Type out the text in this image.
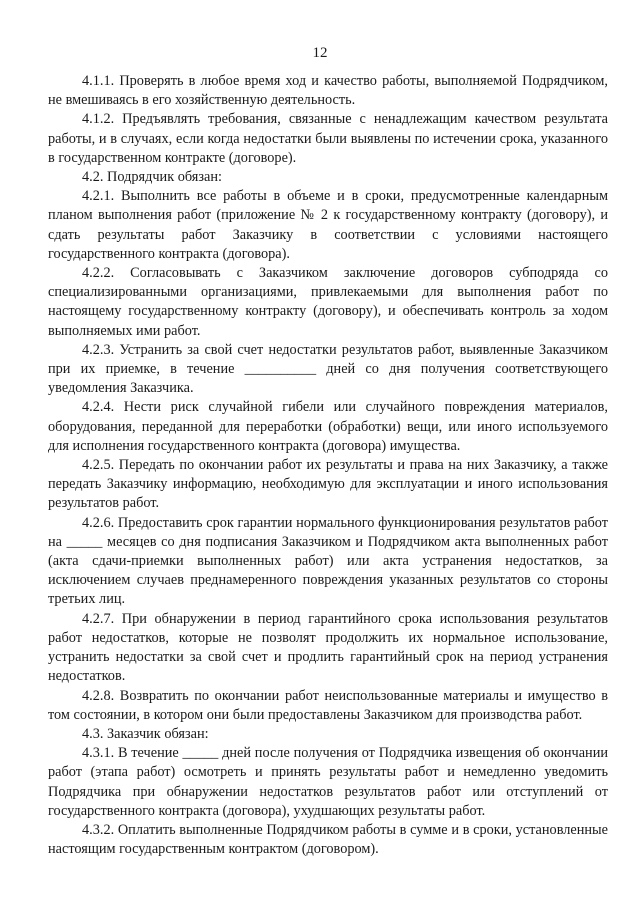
12

4.1.1. Проверять в любое время ход и качество работы, выполняемой Подрядчиком, не вмешиваясь в его хозяйственную деятельность.

4.1.2. Предъявлять требования, связанные с ненадлежащим качеством результата работы, и в случаях, если когда недостатки были выявлены по истечении срока, указанного в государственном контракте (договоре).

4.2. Подрядчик обязан:

4.2.1. Выполнить все работы в объеме и в сроки, предусмотренные календарным планом выполнения работ (приложение № 2 к государственному контракту (договору), и сдать результаты работ Заказчику в соответствии с условиями настоящего государственного контракта (договора).

4.2.2. Согласовывать с Заказчиком заключение договоров субподряда со специализированными организациями, привлекаемыми для выполнения работ по настоящему государственному контракту (договору), и обеспечивать контроль за ходом выполняемых ими работ.

4.2.3. Устранить за свой счет недостатки результатов работ, выявленные Заказчиком при их приемке, в течение __________ дней со дня получения соответствующего уведомления Заказчика.

4.2.4. Нести риск случайной гибели или случайного повреждения материалов, оборудования, переданной для переработки (обработки) вещи, или иного используемого для исполнения государственного контракта (договора) имущества.

4.2.5. Передать по окончании работ их результаты и права на них Заказчику, а также передать Заказчику информацию, необходимую для эксплуатации и иного использования результатов работ.

4.2.6. Предоставить срок гарантии нормального функционирования результатов работ на _____ месяцев со дня подписания Заказчиком и Подрядчиком акта выполненных работ (акта сдачи-приемки выполненных работ) или акта устранения недостатков, за исключением случаев преднамеренного повреждения указанных результатов со стороны третьих лиц.

4.2.7. При обнаружении в период гарантийного срока использования результатов работ недостатков, которые не позволят продолжить их нормальное использование, устранить недостатки за свой счет и продлить гарантийный срок на период устранения недостатков.

4.2.8. Возвратить по окончании работ неиспользованные материалы и имущество в том состоянии, в котором они были предоставлены Заказчиком для производства работ.

4.3. Заказчик обязан:

4.3.1. В течение _____ дней после получения от Подрядчика извещения об окончании работ (этапа работ) осмотреть и принять результаты работ и немедленно уведомить Подрядчика при обнаружении недостатков результатов работ или отступлений от государственного контракта (договора), ухудшающих результаты работ.

4.3.2. Оплатить выполненные Подрядчиком работы в сумме и в сроки, установленные настоящим государственным контрактом (договором).
